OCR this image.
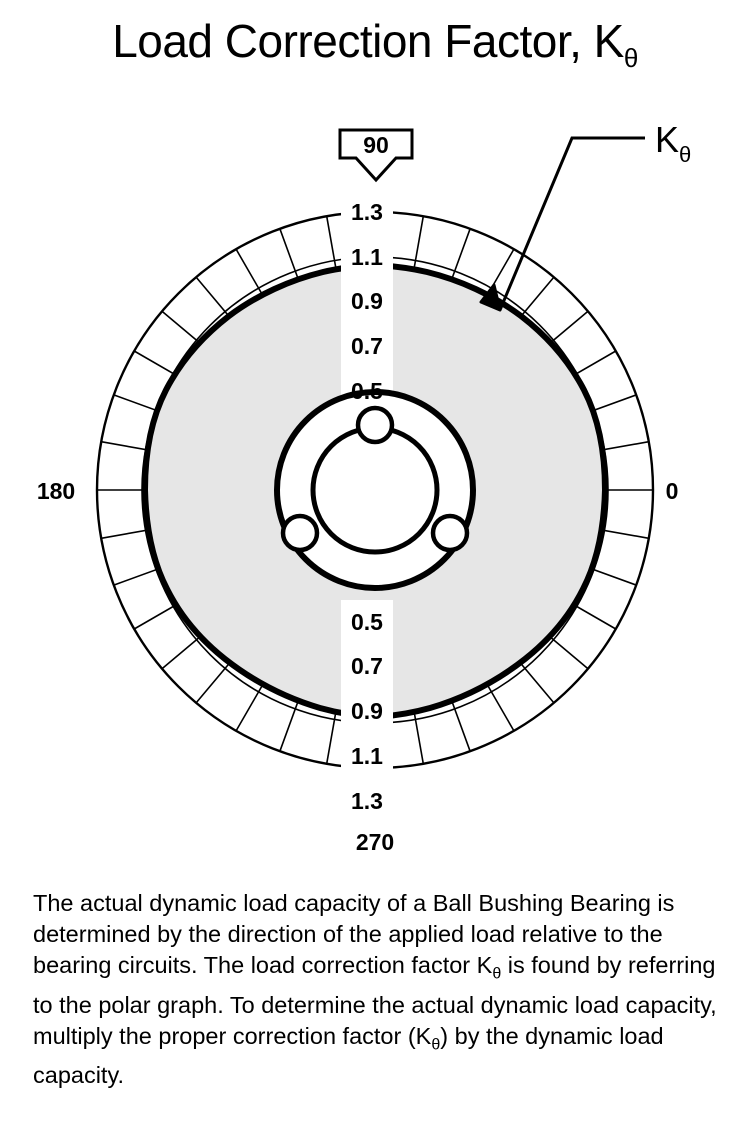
Load Correction Factor, $K_\theta$
1.3
1.1
0.9
0.7
0.5
0.5
0.7
0.9
1.1
1.3
0
180
270
90	$K_\theta$
The actual dynamic load capacity of a Ball Bushing Bearing is determined by the direction of the applied load relative to the bearing circuits. The load correction factor $K_\theta$ is found by referring to the polar graph. To determine the actual dynamic load capacity, multiply the proper correction factor $(K_\theta)$ by the dynamic load capacity.
